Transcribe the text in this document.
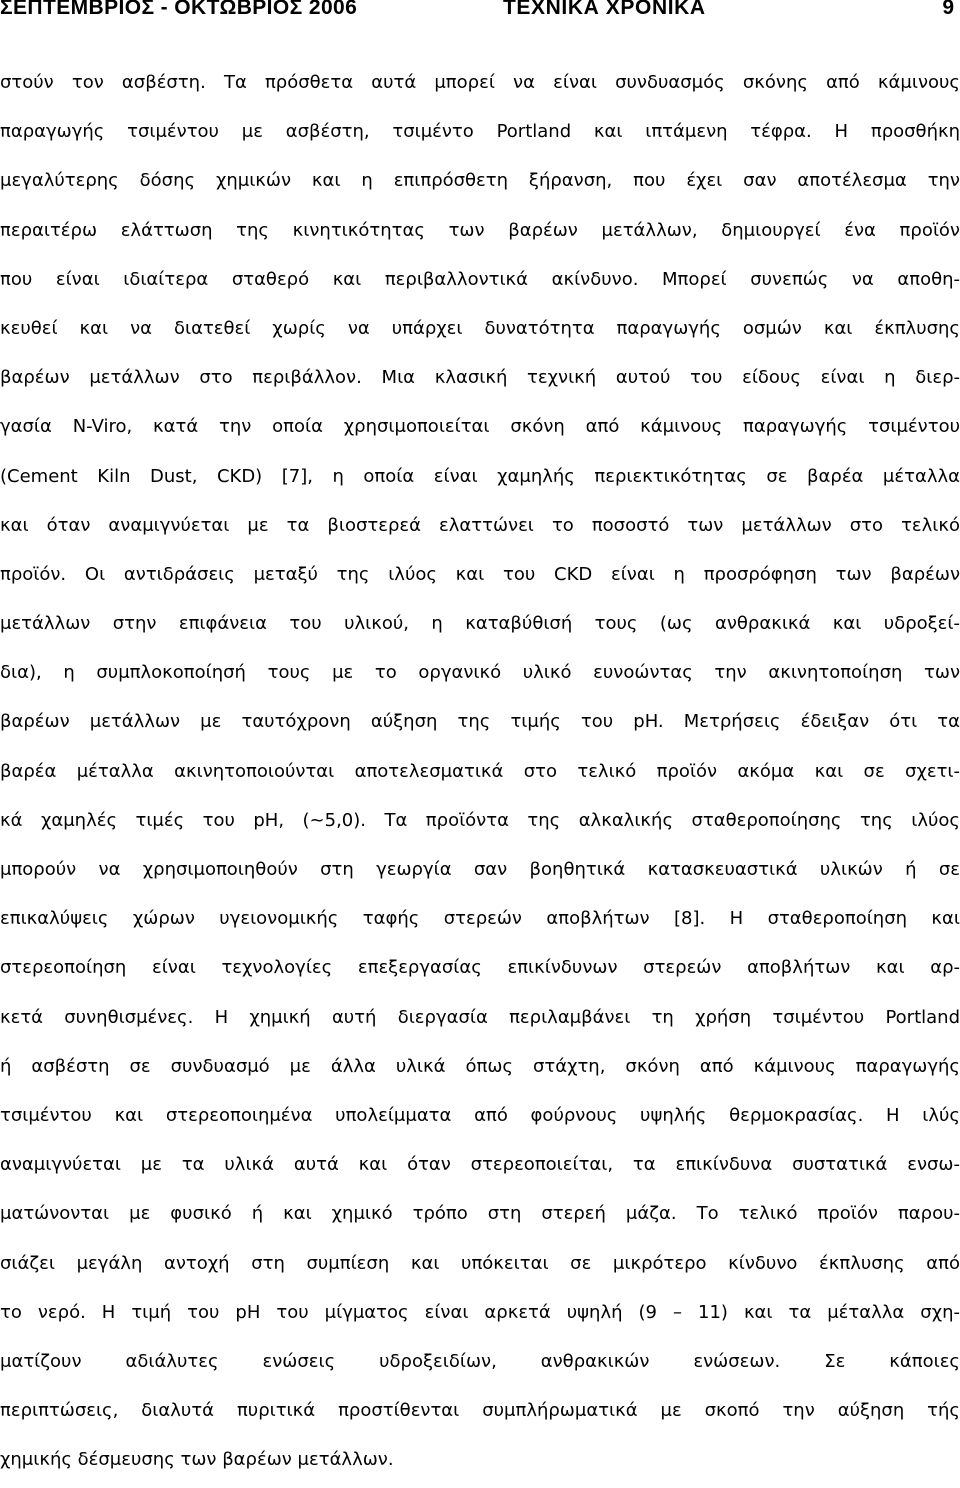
ΣΕΠΤΕΜΒΡΙΟΣ - ΟΚΤΩΒΡΙΟΣ 2006	ΤΕΧΝΙΚΑ ΧΡΟΝΙΚΑ	9
στούν τον ασβέστη. Τα πρόσθετα αυτά μπορεί να είναι συνδυασμός σκόνης από κάμινους
παραγωγής τσιμέντου με ασβέστη, τσιμέντο Portland και ιπτάμενη τέφρα. Η προσθήκη
μεγαλύτερης δόσης χημικών και η επιπρόσθετη ξήρανση, που έχει σαν αποτέλεσμα την
περαιτέρω ελάττωση της κινητικότητας των βαρέων μετάλλων, δημιουργεί ένα προϊόν
που είναι ιδιαίτερα σταθερό και περιβαλλοντικά ακίνδυνο. Μπορεί συνεπώς να αποθη-
κευθεί και να διατεθεί χωρίς να υπάρχει δυνατότητα παραγωγής οσμών και έκπλυσης
βαρέων μετάλλων στο περιβάλλον. Μια κλασική τεχνική αυτού του είδους είναι η διερ-
γασία N-Viro, κατά την οποία χρησιμοποιείται σκόνη από κάμινους παραγωγής τσιμέντου
(Cement Kiln Dust, CKD) [7], η οποία είναι χαμηλής περιεκτικότητας σε βαρέα μέταλλα
και όταν αναμιγνύεται με τα βιοστερεά ελαττώνει το ποσοστό των μετάλλων στο τελικό
προϊόν. Οι αντιδράσεις μεταξύ της ιλύος και του CKD είναι η προσρόφηση των βαρέων
μετάλλων στην επιφάνεια του υλικού, η καταβύθισή τους (ως ανθρακικά και υδροξεί-
δια), η συμπλοκοποίησή τους με το οργανικό υλικό ευνοώντας την ακινητοποίηση των
βαρέων μετάλλων με ταυτόχρονη αύξηση της τιμής του pH. Μετρήσεις έδειξαν ότι τα
βαρέα μέταλλα ακινητοποιούνται αποτελεσματικά στο τελικό προϊόν ακόμα και σε σχετι-
κά χαμηλές τιμές του pH, (~5,0). Τα προϊόντα της αλκαλικής σταθεροποίησης της ιλύος
μπορούν να χρησιμοποιηθούν στη γεωργία σαν βοηθητικά κατασκευαστικά υλικών ή σε
επικαλύψεις χώρων υγειονομικής ταφής στερεών αποβλήτων [8]. Η σταθεροποίηση και
στερεοποίηση είναι τεχνολογίες επεξεργασίας επικίνδυνων στερεών αποβλήτων και αρ-
κετά συνηθισμένες. Η χημική αυτή διεργασία περιλαμβάνει τη χρήση τσιμέντου Portland
ή ασβέστη σε συνδυασμό με άλλα υλικά όπως στάχτη, σκόνη από κάμινους παραγωγής
τσιμέντου και στερεοποιημένα υπολείμματα από φούρνους υψηλής θερμοκρασίας. Η ιλύς
αναμιγνύεται με τα υλικά αυτά και όταν στερεοποιείται, τα επικίνδυνα συστατικά ενσω-
ματώνονται με φυσικό ή και χημικό τρόπο στη στερεή μάζα. Το τελικό προϊόν παρου-
σιάζει μεγάλη αντοχή στη συμπίεση και υπόκειται σε μικρότερο κίνδυνο έκπλυσης από
το νερό. Η τιμή του pH του μίγματος είναι αρκετά υψηλή (9 – 11) και τα μέταλλα σχη-
ματίζουν αδιάλυτες ενώσεις υδροξειδίων, ανθρακικών ενώσεων. Σε κάποιες
περιπτώσεις, διαλυτά πυριτικά προστίθενται συμπλήρωματικά με σκοπό την αύξηση τής
χημικής δέσμευσης των βαρέων μετάλλων.
